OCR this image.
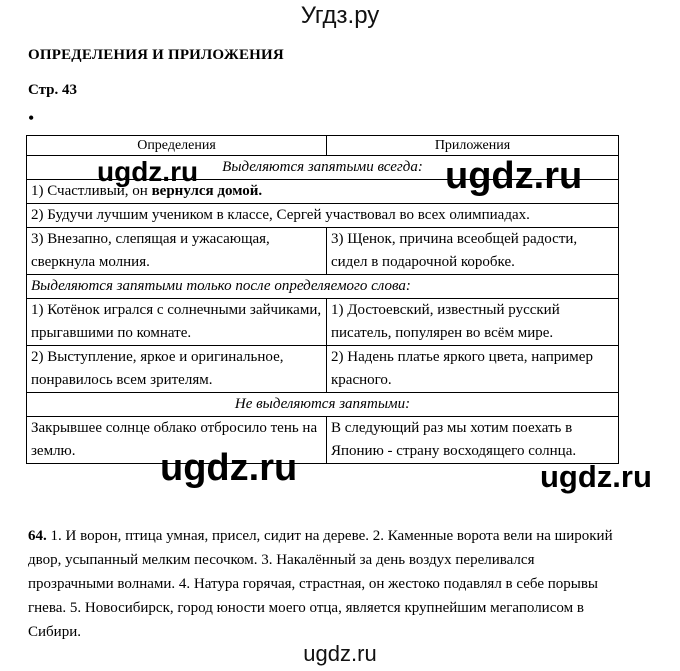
Угдз.ру
ОПРЕДЕЛЕНИЯ И ПРИЛОЖЕНИЯ
Стр. 43
•
Определения	Приложения
Выделяются запятыми всегда:	
1) Счастливый, он вернулся домой.	
2) Будучи лучшим учеником в классе, Сергей участвовал во всех олимпиадах.	
3) Внезапно, слепящая и ужасающая, сверкнула молния.	3) Щенок, причина всеобщей радости, сидел в подарочной коробке.
Выделяются запятыми только после определяемого слова:	
1) Котёнок игрался с солнечными зайчиками, прыгавшими по комнате.	1) Достоевский, известный русский писатель, популярен во всём мире.
2) Выступление, яркое и оригинальное, понравилось всем зрителям.	2) Надень платье яркого цвета, например красного.
Не выделяются запятыми:	
Закрывшее солнце облако отбросило тень на землю.	В следующий раз мы хотим поехать в Японию - страну восходящего солнца.
ugdz.ru	ugdz.ru
ugdz.ru	ugdz.ru
64. 1. И ворон, птица умная, присел, сидит на дереве. 2. Каменные ворота вели на широкий двор, усыпанный мелким песочком. 3. Накалённый за день воздух переливался прозрачными волнами. 4. Натура горячая, страстная, он жестоко подавлял в себе порывы гнева. 5. Новосибирск, город юности моего отца, является крупнейшим мегаполисом в Сибири.
ugdz.ru
